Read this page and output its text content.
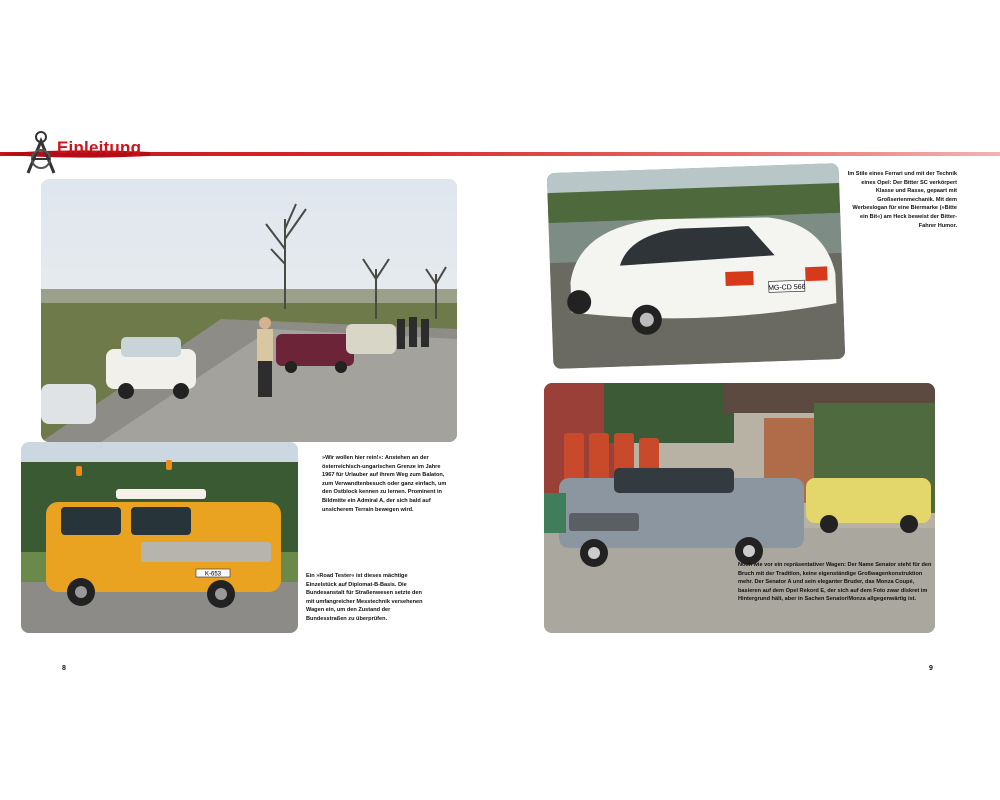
Einleitung
K-653
»Wir wollen hier rein!«: Anstehen an der österreichisch-ungarischen Grenze im Jahre 1967 für Urlauber auf ihrem Weg zum Balaton, zum Verwandtenbesuch oder ganz einfach, um den Ostblock kennen zu lernen. Prominent in Bildmitte ein Admiral A, der sich bald auf unsicherem Terrain bewegen wird.
Ein »Road Tester« ist dieses mächtige Einzelstück auf Diplomat-B-Basis. Die Bundesanstalt für Straßenwesen setzte den mit umfangreicher Messtechnik versehenen Wagen ein, um den Zustand der Bundesstraßen zu überprüfen.
MG-CD 566
Im Stile eines Ferrari und mit der Technik eines Opel: Der Bitter SC verkörpert Klasse und Rasse, gepaart mit Großserienmechanik. Mit dem Werbeslogan für eine Biermarke (»Bitte ein Bit«) am Heck beweist der Bitter-Fahrer Humor.
Noch wie vor ein repräsentativer Wagen: Der Name Senator steht für den Bruch mit der Tradition, keine eigenständige Großwagenkonstruktion mehr. Der Senator A und sein eleganter Bruder, das Monza Coupé, basieren auf dem Opel Rekord E, der sich auf dem Foto zwar diskret im Hintergrund hält, aber in Sachen Senator/Monza allgegenwärtig ist.
8	9
